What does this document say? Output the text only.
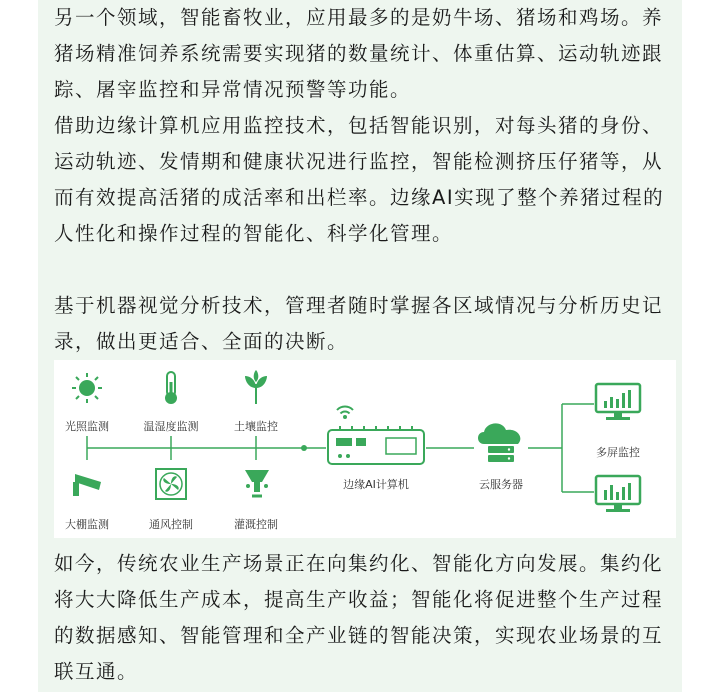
另一个领域，智能畜牧业，应用最多的是奶牛场、猪场和鸡场。养猪场精准饲养系统需要实现猪的数量统计、体重估算、运动轨迹跟踪、屠宰监控和异常情况预警等功能。

借助边缘计算机应用监控技术，包括智能识别，对每头猪的身份、运动轨迹、发情期和健康状况进行监控，智能检测挤压仔猪等，从而有效提高活猪的成活率和出栏率。边缘AI实现了整个养猪过程的人性化和操作过程的智能化、科学化管理。

基于机器视觉分析技术，管理者随时掌握各区域情况与分析历史记录，做出更适合、全面的决断。

光照监测	温湿度监测	土壤监控
大棚监测	通风控制	灌溉控制
边缘AI计算机	云服务器
多屏监控

如今，传统农业生产场景正在向集约化、智能化方向发展。集约化将大大降低生产成本，提高生产收益；智能化将促进整个生产过程的数据感知、智能管理和全产业链的智能决策，实现农业场景的互联互通。
